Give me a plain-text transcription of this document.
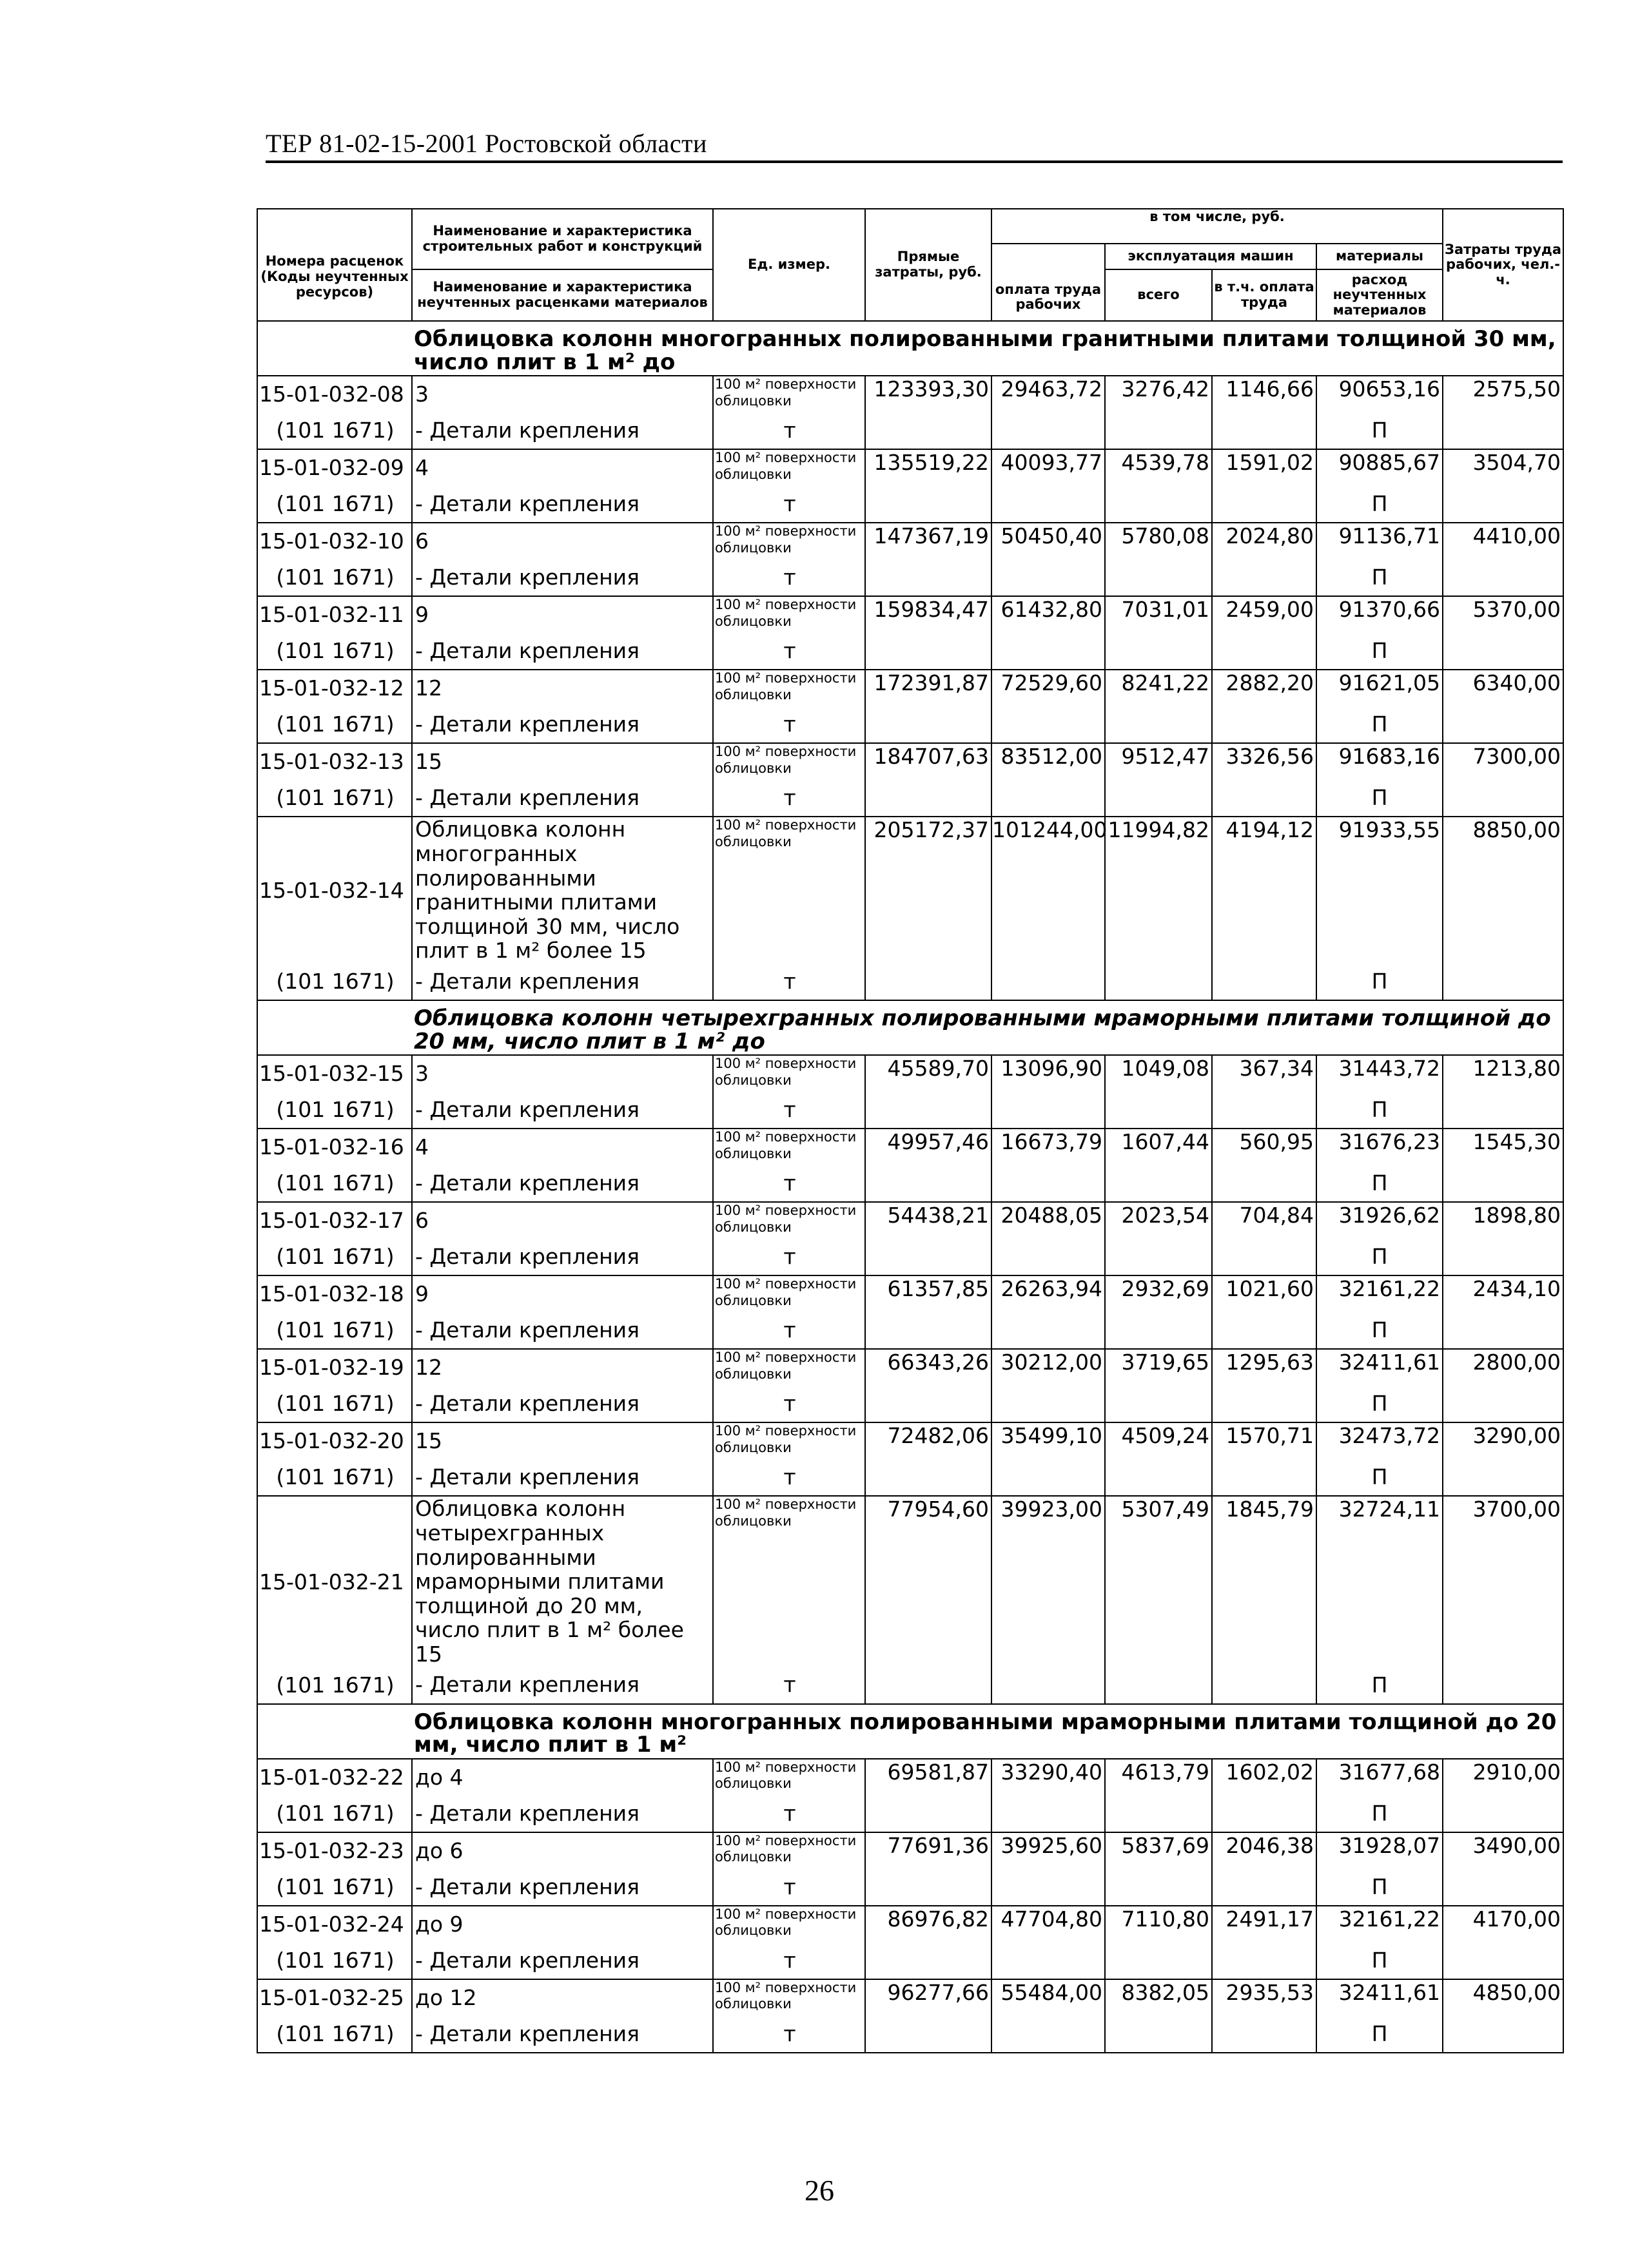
ТЕР 81-02-15-2001 Ростовской области
Номера расценок	Наименование и характеристика строительных работ и конструкций	Ед. измер.	Прямые затраты, руб.	в том числе, руб.				Затраты труда рабочих, чел.-ч.
				оплата труда рабочих	эксплуатация машин		материалы	
(Коды неучтенных ресурсов)	Наименование и характеристика неучтенных расценками материалов				всего	в т.ч. оплата труда	расход неучтенных материалов	

Облицовка колонн многогранных полированными гранитными плитами толщиной 30 мм, число плит в 1 м² до								
15-01-032-08	3	100 м² поверхности облицовки	123393,30	29463,72	3276,42	1146,66	90653,16	2575,50
(101 1671)	- Детали крепления	т					П	
15-01-032-09	4	100 м² поверхности облицовки	135519,22	40093,77	4539,78	1591,02	90885,67	3504,70
(101 1671)	- Детали крепления	т					П	
15-01-032-10	6	100 м² поверхности облицовки	147367,19	50450,40	5780,08	2024,80	91136,71	4410,00
(101 1671)	- Детали крепления	т					П	
15-01-032-11	9	100 м² поверхности облицовки	159834,47	61432,80	7031,01	2459,00	91370,66	5370,00
(101 1671)	- Детали крепления	т					П	
15-01-032-12	12	100 м² поверхности облицовки	172391,87	72529,60	8241,22	2882,20	91621,05	6340,00
(101 1671)	- Детали крепления	т					П	
15-01-032-13	15	100 м² поверхности облицовки	184707,63	83512,00	9512,47	3326,56	91683,16	7300,00
(101 1671)	- Детали крепления	т					П	
15-01-032-14	Облицовка колонн многогранных полированными гранитными плитами толщиной 30 мм, число плит в 1 м² более 15	100 м² поверхности облицовки	205172,37	101244,00	11994,82	4194,12	91933,55	8850,00
(101 1671)	- Детали крепления	т					П	
Облицовка колонн четырехгранных полированными мраморными плитами толщиной до 20 мм, число плит в 1 м² до								
15-01-032-15	3	100 м² поверхности облицовки	45589,70	13096,90	1049,08	367,34	31443,72	1213,80
(101 1671)	- Детали крепления	т					П	
15-01-032-16	4	100 м² поверхности облицовки	49957,46	16673,79	1607,44	560,95	31676,23	1545,30
(101 1671)	- Детали крепления	т					П	
15-01-032-17	6	100 м² поверхности облицовки	54438,21	20488,05	2023,54	704,84	31926,62	1898,80
(101 1671)	- Детали крепления	т					П	
15-01-032-18	9	100 м² поверхности облицовки	61357,85	26263,94	2932,69	1021,60	32161,22	2434,10
(101 1671)	- Детали крепления	т					П	
15-01-032-19	12	100 м² поверхности облицовки	66343,26	30212,00	3719,65	1295,63	32411,61	2800,00
(101 1671)	- Детали крепления	т					П	
15-01-032-20	15	100 м² поверхности облицовки	72482,06	35499,10	4509,24	1570,71	32473,72	3290,00
(101 1671)	- Детали крепления	т					П	
15-01-032-21	Облицовка колонн четырехгранных полированными мраморными плитами толщиной до 20 мм, число плит в 1 м² более 15	100 м² поверхности облицовки	77954,60	39923,00	5307,49	1845,79	32724,11	3700,00
(101 1671)	- Детали крепления	т					П	
Облицовка колонн многогранных полированными мраморными плитами толщиной до 20 мм, число плит в 1 м²								
15-01-032-22	до 4	100 м² поверхности облицовки	69581,87	33290,40	4613,79	1602,02	31677,68	2910,00
(101 1671)	- Детали крепления	т					П	
15-01-032-23	до 6	100 м² поверхности облицовки	77691,36	39925,60	5837,69	2046,38	31928,07	3490,00
(101 1671)	- Детали крепления	т					П	
15-01-032-24	до 9	100 м² поверхности облицовки	86976,82	47704,80	7110,80	2491,17	32161,22	4170,00
(101 1671)	- Детали крепления	т					П	
15-01-032-25	до 12	100 м² поверхности облицовки	96277,66	55484,00	8382,05	2935,53	32411,61	4850,00
(101 1671)	- Детали крепления	т					П	
26
